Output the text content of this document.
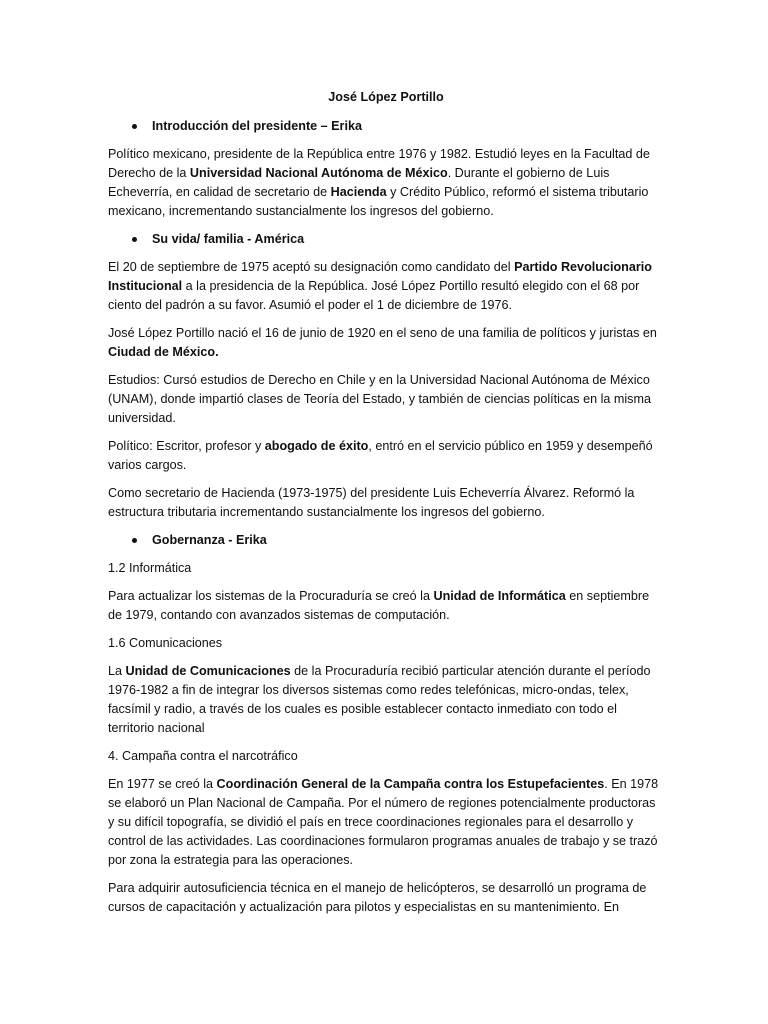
José López Portillo
Introducción del presidente – Erika

Político mexicano, presidente de la República entre 1976 y 1982. Estudió leyes en la Facultad de Derecho de la Universidad Nacional Autónoma de México. Durante el gobierno de Luis Echeverría, en calidad de secretario de Hacienda y Crédito Público, reformó el sistema tributario mexicano, incrementando sustancialmente los ingresos del gobierno.

Su vida/ familia - América

El 20 de septiembre de 1975 aceptó su designación como candidato del Partido Revolucionario Institucional a la presidencia de la República. José López Portillo resultó elegido con el 68 por ciento del padrón a su favor. Asumió el poder el 1 de diciembre de 1976.

José López Portillo nació el 16 de junio de 1920 en el seno de una familia de políticos y juristas en Ciudad de México.

Estudios: Cursó estudios de Derecho en Chile y en la Universidad Nacional Autónoma de México (UNAM), donde impartió clases de Teoría del Estado, y también de ciencias políticas en la misma universidad.

Político: Escritor, profesor y abogado de éxito, entró en el servicio público en 1959 y desempeñó varios cargos.

Como secretario de Hacienda (1973-1975) del presidente Luis Echeverría Álvarez. Reformó la estructura tributaria incrementando sustancialmente los ingresos del gobierno.

Gobernanza - Erika
1.2 Informática

Para actualizar los sistemas de la Procuraduría se creó la Unidad de Informática en septiembre de 1979, contando con avanzados sistemas de computación.

1.6 Comunicaciones

La Unidad de Comunicaciones de la Procuraduría recibió particular atención durante el período 1976-1982 a fin de integrar los diversos sistemas como redes telefónicas, micro-ondas, telex, facsímil y radio, a través de los cuales es posible establecer contacto inmediato con todo el territorio nacional

4. Campaña contra el narcotráfico

En 1977 se creó la Coordinación General de la Campaña contra los Estupefacientes. En 1978 se elaboró un Plan Nacional de Campaña. Por el número de regiones potencialmente productoras y su difícil topografía, se dividió el país en trece coordinaciones regionales para el desarrollo y control de las actividades. Las coordinaciones formularon programas anuales de trabajo y se trazó por zona la estrategia para las operaciones.

Para adquirir autosuficiencia técnica en el manejo de helicópteros, se desarrolló un programa de cursos de capacitación y actualización para pilotos y especialistas en su mantenimiento. En
